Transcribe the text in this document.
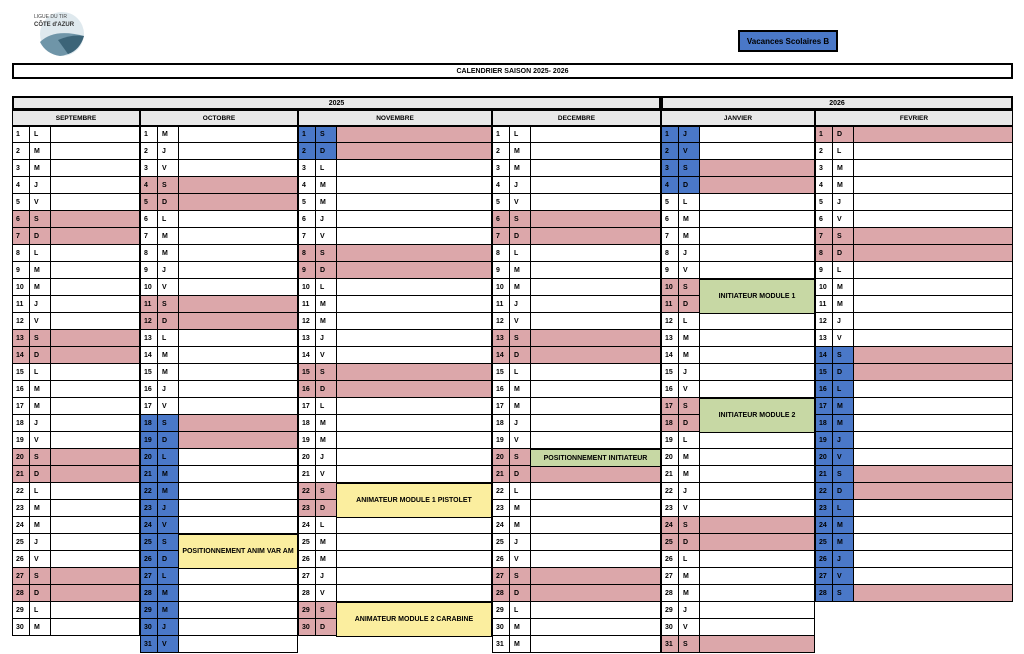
LIGUE DU TIR
CÔTE d'AZUR
Vacances Scolaires B
CALENDRIER SAISON 2025- 2026
2025	2026
SEPTEMBRE
1	L
2	M
3	M
4	J
5	V
6	S
7	D
8	L
9	M
10	M
11	J
12	V
13	S
14	D
15	L
16	M
17	M
18	J
19	V
20	S
21	D
22	L
23	M
24	M
25	J
26	V
27	S
28	D
29	L
30	M
OCTOBRE
1	M
2	J
3	V
4	S
5	D
6	L
7	M
8	M
9	J
10	V
11	S
12	D
13	L
14	M
15	M
16	J
17	V
18	S
19	D
20	L
21	M
22	M
23	J
24	V
25	S
26	D
27	L
28	M
29	M
30	J
31	V
NOVEMBRE
1	S
2	D
3	L
4	M
5	M
6	J
7	V
8	S
9	D
10	L
11	M
12	M
13	J
14	V
15	S
16	D
17	L
18	M
19	M
20	J
21	V
22	S
23	D
24	L
25	M
26	M
27	J
28	V
29	S
30	D
DECEMBRE
1	L
2	M
3	M
4	J
5	V
6	S
7	D
8	L
9	M
10	M
11	J
12	V
13	S
14	D
15	L
16	M
17	M
18	J
19	V
20	S
21	D
22	L
23	M
24	M
25	J
26	V
27	S
28	D
29	L
30	M
31	M
JANVIER
1	J
2	V
3	S
4	D
5	L
6	M
7	M
8	J
9	V
10	S
11	D
12	L
13	M
14	M
15	J
16	V
17	S
18	D
19	L
20	M
21	M
22	J
23	V
24	S
25	D
26	L
27	M
28	M
29	J
30	V
31	S
FEVRIER
1	D
2	L
3	M
4	M
5	J
6	V
7	S
8	D
9	L
10	M
11	M
12	J
13	V
14	S
15	D
16	L
17	M
18	M
19	J
20	V
21	S
22	D
23	L
24	M
25	M
26	J
27	V
28	S
POSITIONNEMENT ANIM VAR AM
ANIMATEUR MODULE 1 PISTOLET
ANIMATEUR MODULE 2 CARABINE
POSITIONNEMENT INITIATEUR
INITIATEUR MODULE 1
INITIATEUR MODULE 2
